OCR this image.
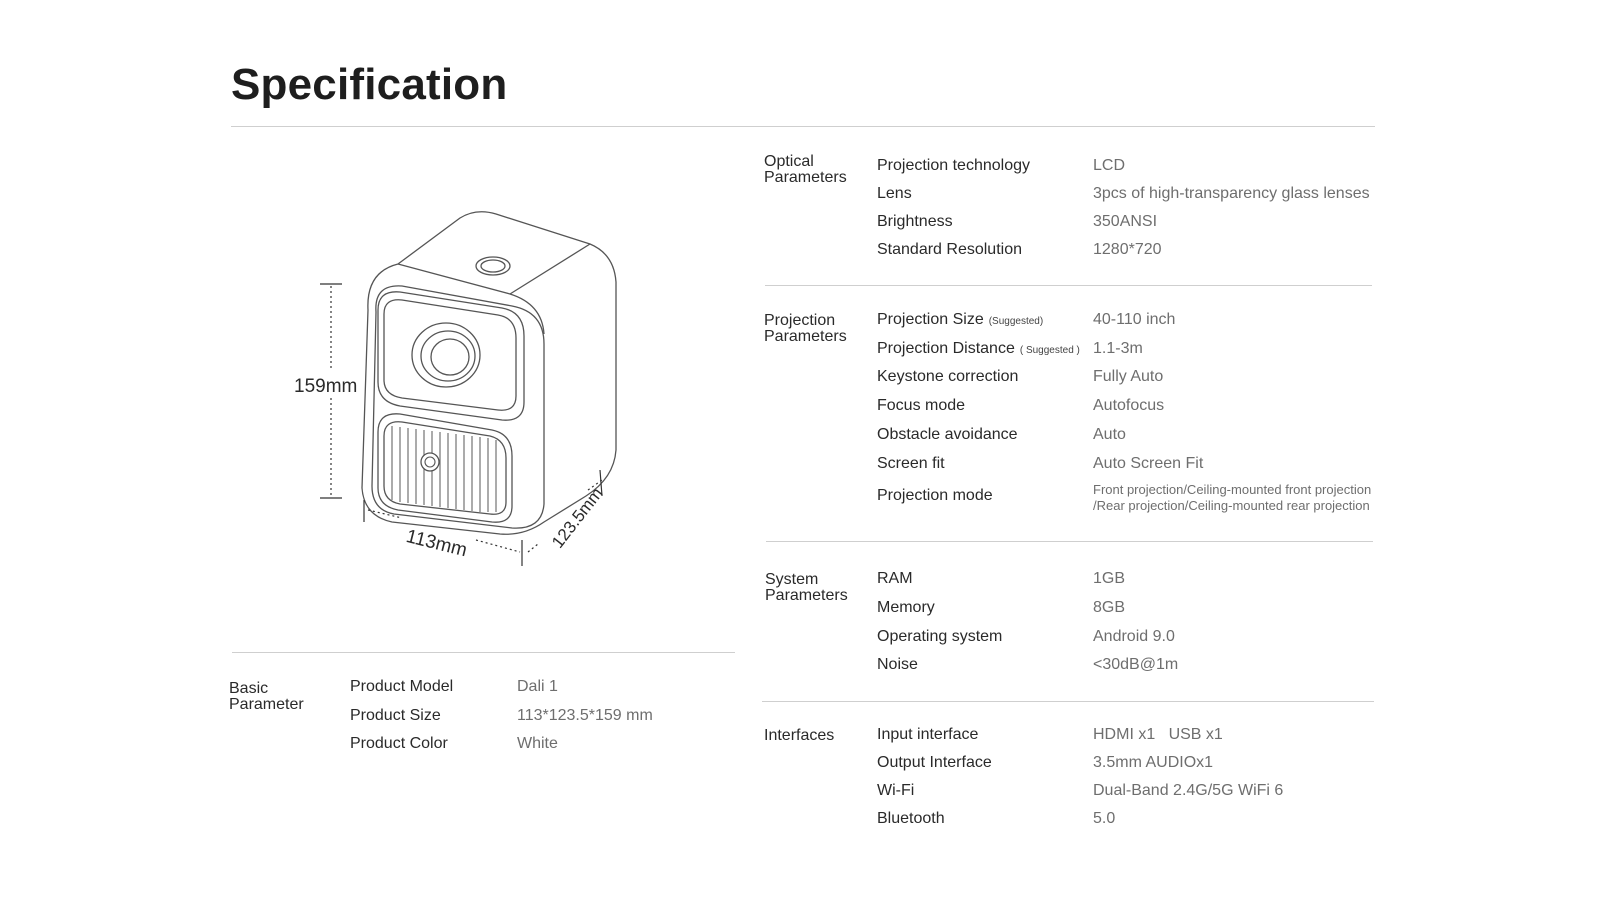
Specification
159mm
113mm	123.5mm
Basic
Parameter
Product Model	Dali 1
Product Size	113*123.5*159 mm
Product Color	White
Optical
Parameters
Projection technology	LCD
Lens	3pcs of high-transparency glass lenses
Brightness	350ANSI
Standard Resolution	1280*720
Projection
Parameters
Projection Size (Suggested)	40-110 inch
Projection Distance ( Suggested ) 1.1-3m
Keystone correction	Fully Auto
Focus mode	Autofocus
Obstacle avoidance	Auto
Screen fit	Auto Screen Fit
Projection mode	Front projection/Ceiling-mounted front projection
/Rear projection/Ceiling-mounted rear projection
System
Parameters
RAM	1GB
Memory	8GB
Operating system	Android 9.0
Noise	<30dB@1m
Interfaces	Input interface	HDMI x1   USB x1
Output Interface	3.5mm AUDIOx1
Wi-Fi	Dual-Band 2.4G/5G WiFi 6
Bluetooth	5.0
